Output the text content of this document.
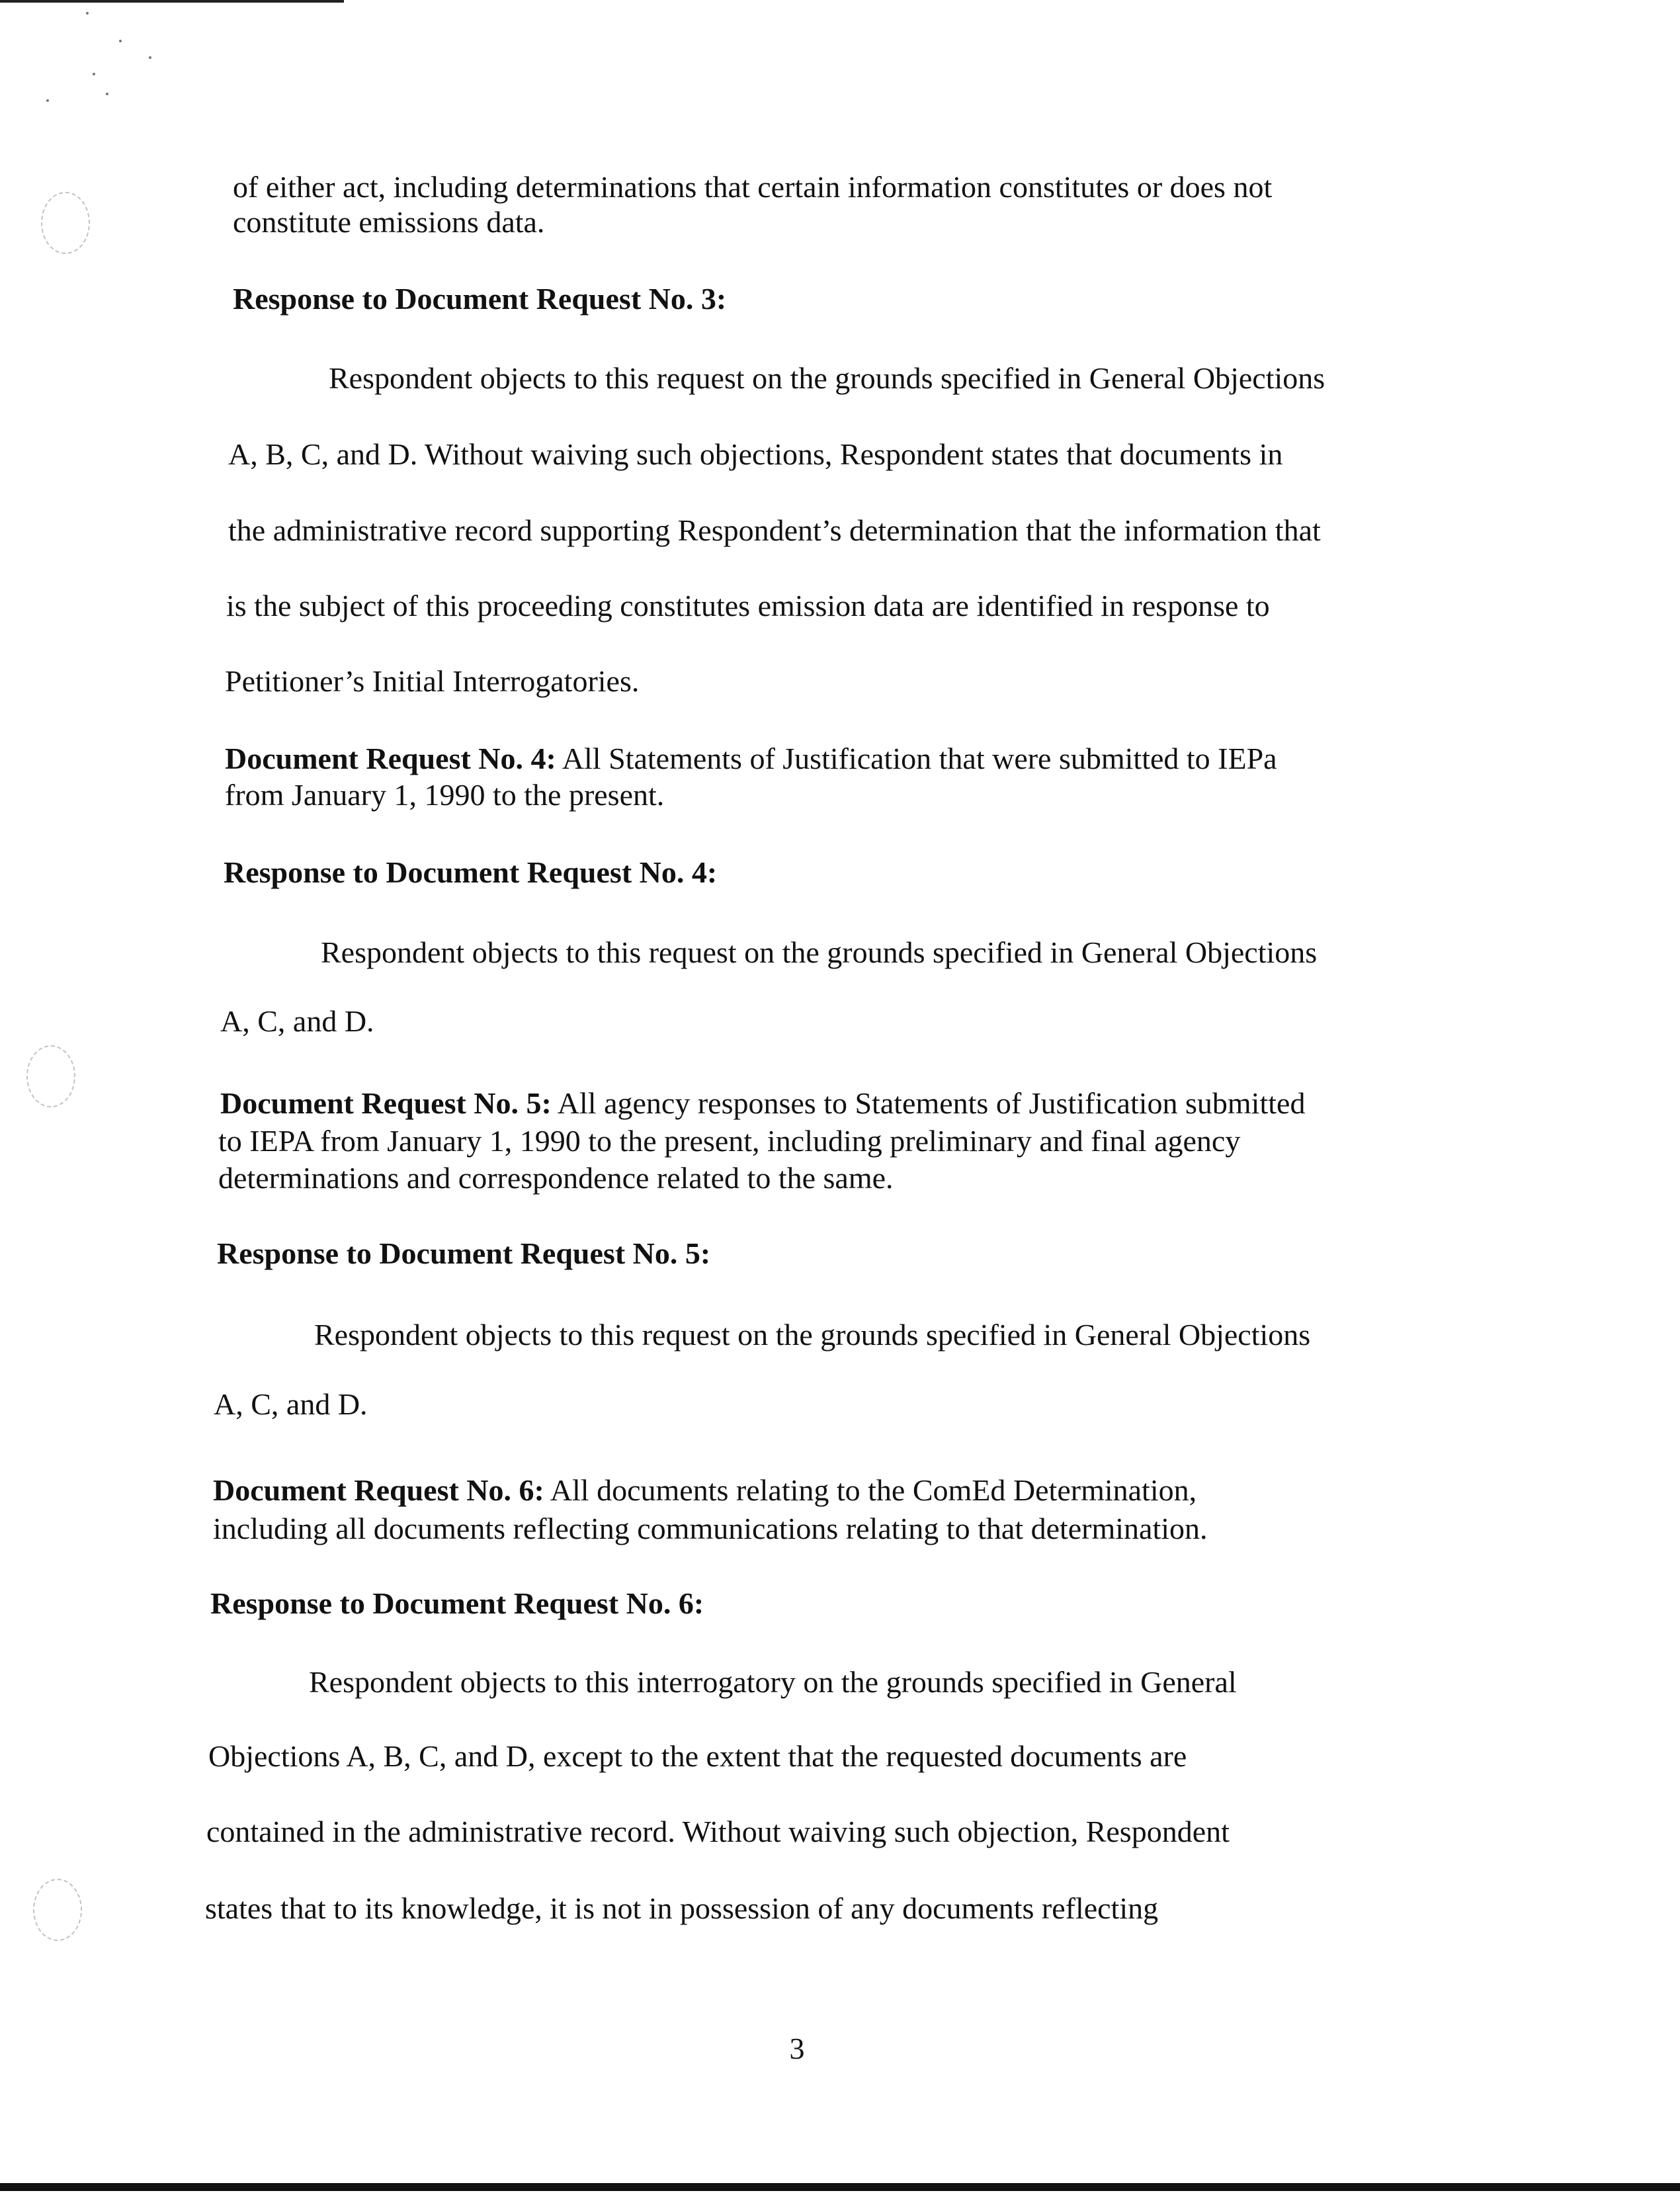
of either act, including determinations that certain information constitutes or does not
constitute emissions data.
Response to Document Request No. 3:
Respondent objects to this request on the grounds specified in General Objections
A, B, C, and D. Without waiving such objections, Respondent states that documents in
the administrative record supporting Respondent’s determination that the information that
is the subject of this proceeding constitutes emission data are identified in response to
Petitioner’s Initial Interrogatories.
Document Request No. 4: All Statements of Justification that were submitted to IEPa
from January 1, 1990 to the present.
Response to Document Request No. 4:
Respondent objects to this request on the grounds specified in General Objections
A, C, and D.
Document Request No. 5: All agency responses to Statements of Justification submitted
to IEPA from January 1, 1990 to the present, including preliminary and final agency
determinations and correspondence related to the same.
Response to Document Request No. 5:
Respondent objects to this request on the grounds specified in General Objections
A, C, and D.
Document Request No. 6: All documents relating to the ComEd Determination,
including all documents reflecting communications relating to that determination.
Response to Document Request No. 6:
Respondent objects to this interrogatory on the grounds specified in General
Objections A, B, C, and D, except to the extent that the requested documents are
contained in the administrative record. Without waiving such objection, Respondent
states that to its knowledge, it is not in possession of any documents reflecting
3
